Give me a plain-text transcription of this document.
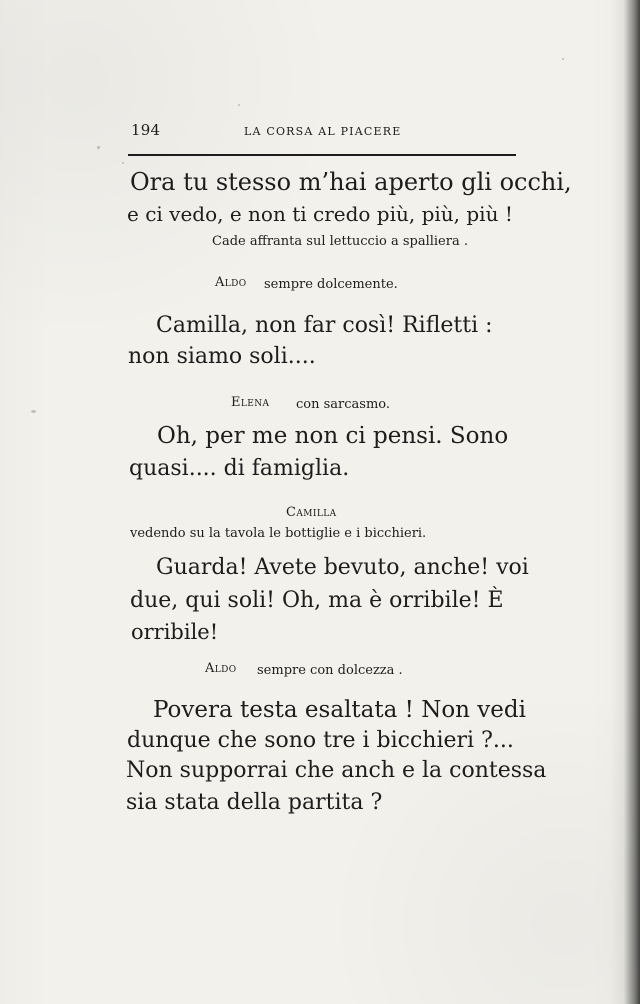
194	LA CORSA AL PIACERE
Ora tu stesso m’hai aperto gli occhi,
e ci vedo, e non ti credo più, più, più !
Cade affranta sul lettuccio a spalliera .
Aldo sempre dolcemente.
Camilla, non far così! Rifletti :
non siamo soli....
Elena con sarcasmo.
Oh, per me non ci pensi. Sono
quasi.... di famiglia.
Camilla
vedendo su la tavola le bottiglie e i bicchieri.
Guarda! Avete bevuto, anche! voi
due, qui soli! Oh, ma è orribile! È
orribile!
Aldo sempre con dolcezza .
Povera testa esaltata ! Non vedi
dunque che sono tre i bicchieri ?...
Non supporrai che anch e la contessa
sia stata della partita ?
